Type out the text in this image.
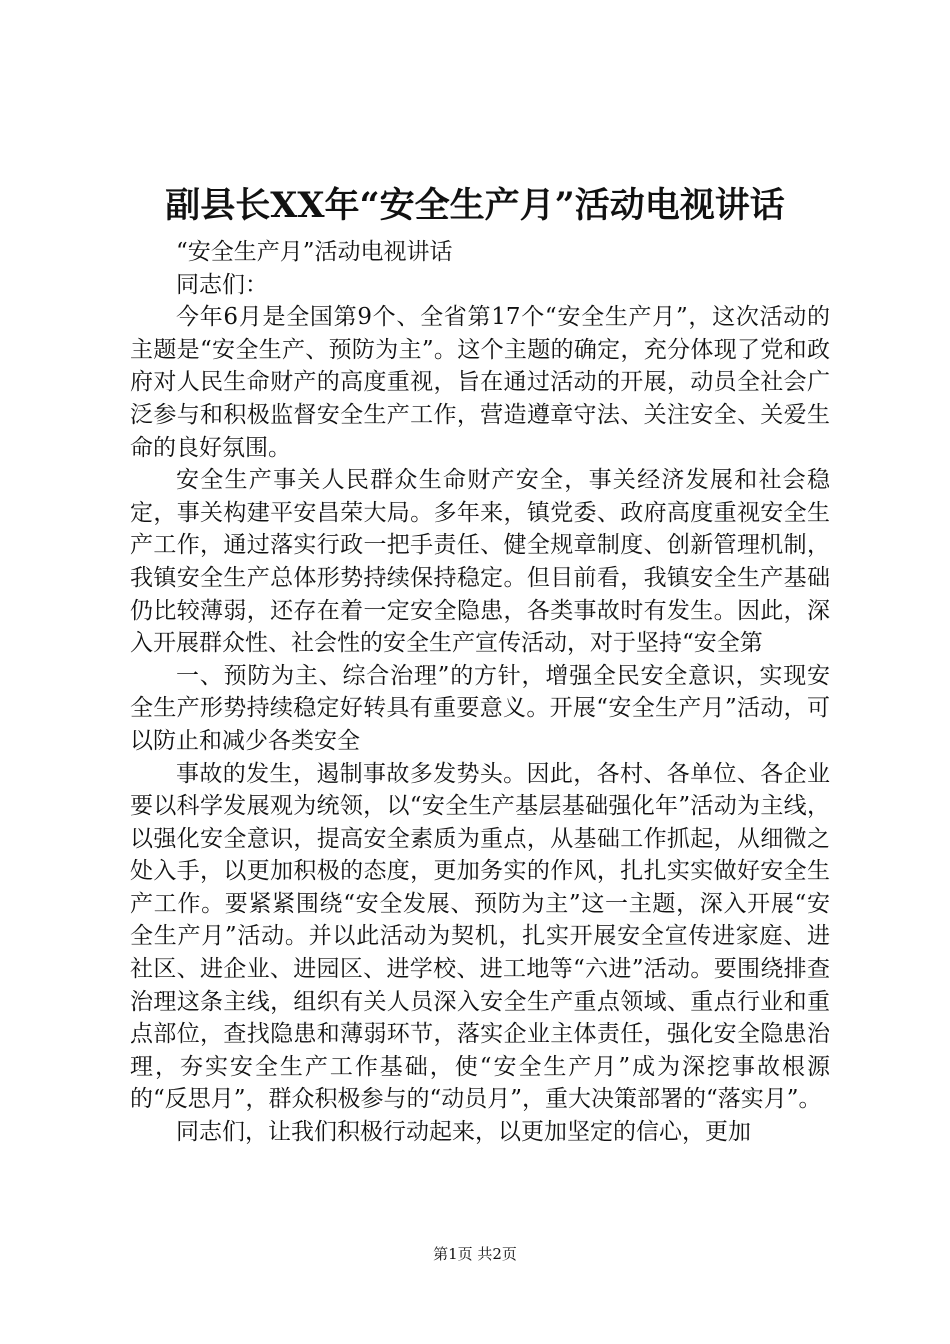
副县长XX年“安全生产月”活动电视讲话

“安全生产月”活动电视讲话

同志们：

今年6月是全国第9个、全省第17个“安全生产月”，这次活动的主题是“安全生产、预防为主”。这个主题的确定，充分体现了党和政府对人民生命财产的高度重视，旨在通过活动的开展，动员全社会广泛参与和积极监督安全生产工作，营造遵章守法、关注安全、关爱生命的良好氛围。

安全生产事关人民群众生命财产安全，事关经济发展和社会稳定，事关构建平安昌荣大局。多年来，镇党委、政府高度重视安全生产工作，通过落实行政一把手责任、健全规章制度、创新管理机制，我镇安全生产总体形势持续保持稳定。但目前看，我镇安全生产基础仍比较薄弱，还存在着一定安全隐患，各类事故时有发生。因此，深入开展群众性、社会性的安全生产宣传活动，对于坚持“安全第

一、预防为主、综合治理”的方针，增强全民安全意识，实现安全生产形势持续稳定好转具有重要意义。开展“安全生产月”活动，可以防止和减少各类安全

事故的发生，遏制事故多发势头。因此，各村、各单位、各企业要以科学发展观为统领，以“安全生产基层基础强化年”活动为主线，以强化安全意识，提高安全素质为重点，从基础工作抓起，从细微之处入手，以更加积极的态度，更加务实的作风，扎扎实实做好安全生产工作。要紧紧围绕“安全发展、预防为主”这一主题，深入开展“安全生产月”活动。并以此活动为契机，扎实开展安全宣传进家庭、进社区、进企业、进园区、进学校、进工地等“六进”活动。要围绕排查治理这条主线，组织有关人员深入安全生产重点领域、重点行业和重点部位，查找隐患和薄弱环节，落实企业主体责任，强化安全隐患治理，夯实安全生产工作基础，使“安全生产月”成为深挖事故根源的“反思月”，群众积极参与的“动员月”，重大决策部署的“落实月”。

同志们，让我们积极行动起来，以更加坚定的信心，更加

第1页 共2页
